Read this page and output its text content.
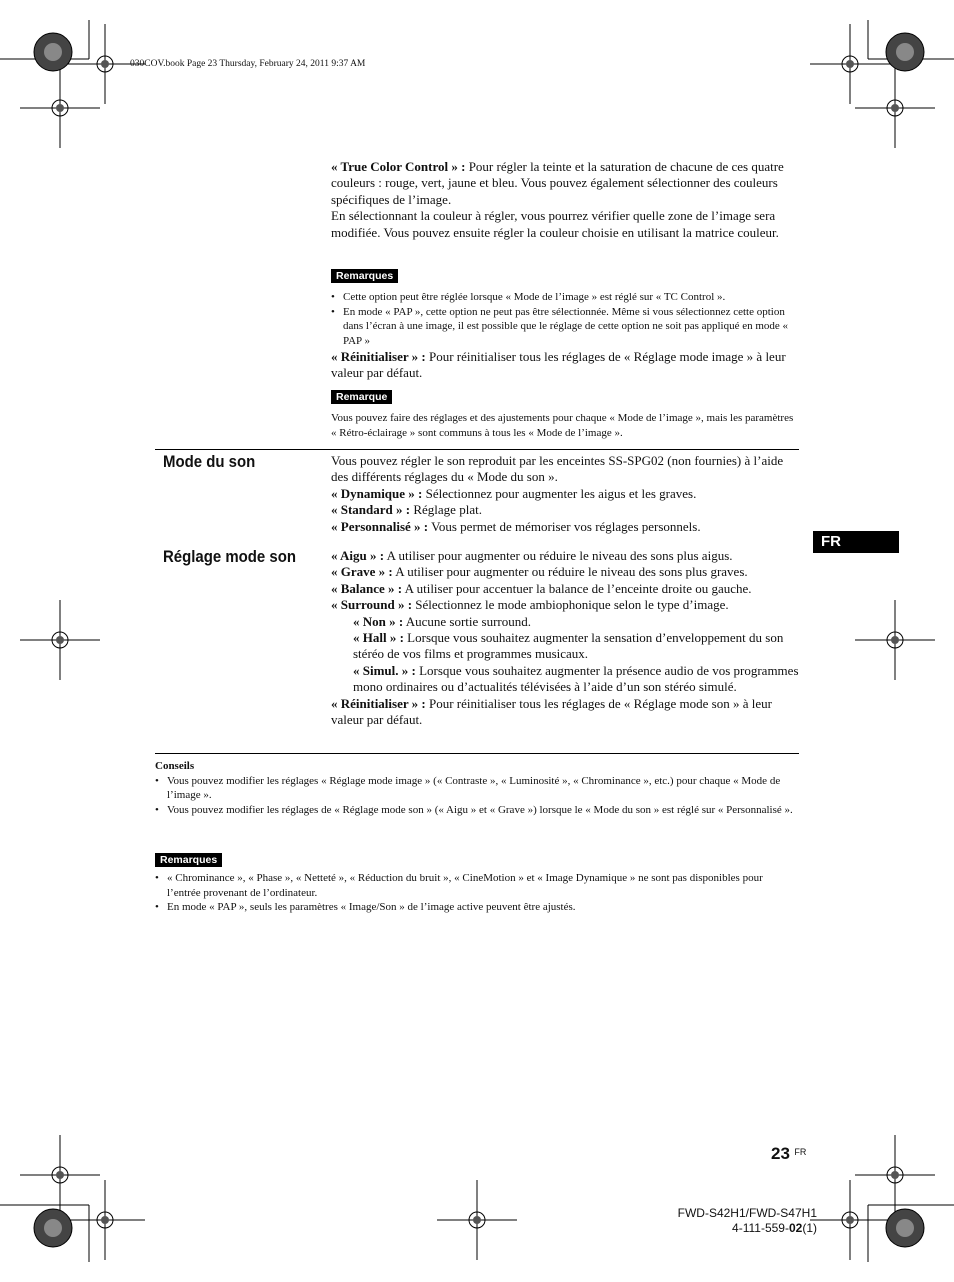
030COV.book Page 23 Thursday, February 24, 2011 9:37 AM

« True Color Control » : Pour régler la teinte et la saturation de chacune de ces quatre couleurs : rouge, vert, jaune et bleu. Vous pouvez également sélectionner des couleurs spécifiques de l’image.

En sélectionnant la couleur à régler, vous pourrez vérifier quelle zone de l’image sera modifiée. Vous pouvez ensuite régler la couleur choisie en utilisant la matrice couleur.

Remarques
• Cette option peut être réglée lorsque « Mode de l’image » est réglé sur « TC Control ».
• En mode « PAP », cette option ne peut pas être sélectionnée. Même si vous sélectionnez cette option dans l’écran à une image, il est possible que le réglage de cette option ne soit pas appliqué en mode « PAP »
« Réinitialiser » : Pour réinitialiser tous les réglages de « Réglage mode image » à leur valeur par défaut.
Remarque
Vous pouvez faire des réglages et des ajustements pour chaque « Mode de l’image », mais les paramètres « Rétro-éclairage » sont communs à tous les « Mode de l’image ».
Mode du son	Vous pouvez régler le son reproduit par les enceintes SS-SPG02 (non fournies) à l’aide des différents réglages du « Mode du son ».

« Dynamique » : Sélectionnez pour augmenter les aigus et les graves.

« Standard » : Réglage plat.

« Personnalisé » : Vous permet de mémoriser vos réglages personnels.

FR
Réglage mode son	« Aigu » : A utiliser pour augmenter ou réduire le niveau des sons plus aigus.

« Grave » : A utiliser pour augmenter ou réduire le niveau des sons plus graves.

« Balance » : A utiliser pour accentuer la balance de l’enceinte droite ou gauche.

« Surround » : Sélectionnez le mode ambiophonique selon le type d’image.

« Non » : Aucune sortie surround.

« Hall » : Lorsque vous souhaitez augmenter la sensation d’enveloppement du son stéréo de vos films et programmes musicaux.

« Simul. » : Lorsque vous souhaitez augmenter la présence audio de vos programmes mono ordinaires ou d’actualités télévisées à l’aide d’un son stéréo simulé.

« Réinitialiser » : Pour réinitialiser tous les réglages de « Réglage mode son » à leur valeur par défaut.

Conseils
• Vous pouvez modifier les réglages « Réglage mode image » (« Contraste », « Luminosité », « Chrominance », etc.) pour chaque « Mode de l’image ».
• Vous pouvez modifier les réglages de « Réglage mode son » (« Aigu » et « Grave ») lorsque le « Mode du son » est réglé sur « Personnalisé ».
Remarques
• « Chrominance », « Phase », « Netteté », « Réduction du bruit », « CineMotion » et « Image Dynamique » ne sont pas disponibles pour l’entrée provenant de l’ordinateur.
• En mode « PAP », seuls les paramètres « Image/Son » de l’image active peuvent être ajustés.
23 $^{FR}$
FWD-S42H1/FWD-S47H1
4-111-559-02(1)
